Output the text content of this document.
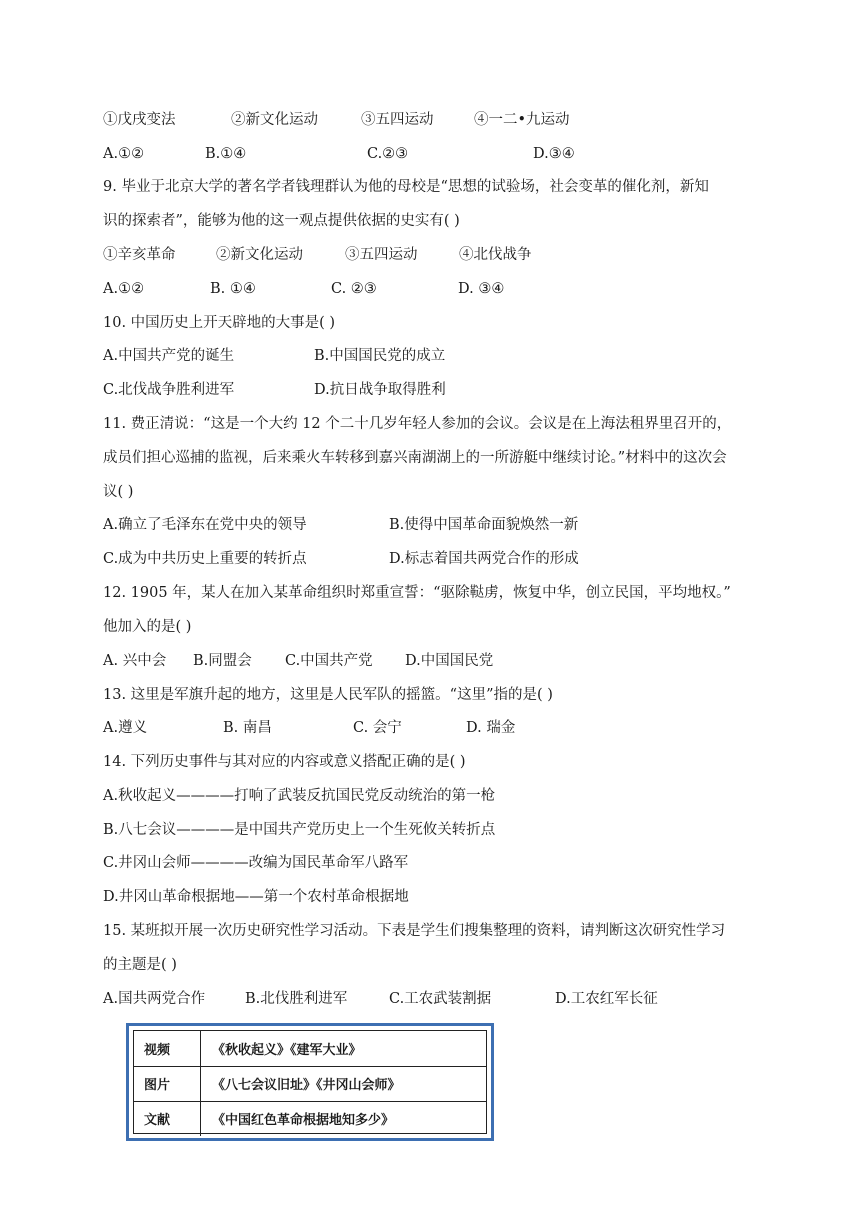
①戊戌变法	②新文化运动	③五四运动	④一二•九运动
A.①②	B.①④	C.②③	D.③④
9. 毕业于北京大学的著名学者钱理群认为他的母校是“思想的试验场，社会变革的催化剂，新知
识的探索者”，能够为他的这一观点提供依据的史实有( )
①辛亥革命	②新文化运动	③五四运动	④北伐战争
A.①②	B. ①④	C. ②③	D. ③④
10. 中国历史上开天辟地的大事是( )
A.中国共产党的诞生	B.中国国民党的成立
C.北伐战争胜利进军	D.抗日战争取得胜利
11. 费正清说：“这是一个大约 12 个二十几岁年轻人参加的会议。会议是在上海法租界里召开的，
成员们担心巡捕的监视，后来乘火车转移到嘉兴南湖湖上的一所游艇中继续讨论。”材料中的这次会
议( )
A.确立了毛泽东在党中央的领导	B.使得中国革命面貌焕然一新
C.成为中共历史上重要的转折点	D.标志着国共两党合作的形成
12. 1905 年，某人在加入某革命组织时郑重宣誓：“驱除鞑虏，恢复中华，创立民国，平均地权。”
他加入的是( )
A. 兴中会 B.同盟会 C.中国共产党 D.中国国民党
13. 这里是军旗升起的地方，这里是人民军队的摇篮。“这里”指的是( )
A.遵义	B. 南昌	C. 会宁	D. 瑞金
14. 下列历史事件与其对应的内容或意义搭配正确的是( )
A.秋收起义————打响了武装反抗国民党反动统治的第一枪
B.八七会议————是中国共产党历史上一个生死攸关转折点
C.井冈山会师————改编为国民革命军八路军
D.井冈山革命根据地——第一个农村革命根据地
15. 某班拟开展一次历史研究性学习活动。下表是学生们搜集整理的资料，请判断这次研究性学习
的主题是( )
A.国共两党合作	B.北伐胜利进军	C.工农武装割据	D.工农红军长征
视频	《秋收起义》《建军大业》
图片	《八七会议旧址》《井冈山会师》
文献	《中国红色革命根据地知多少》
